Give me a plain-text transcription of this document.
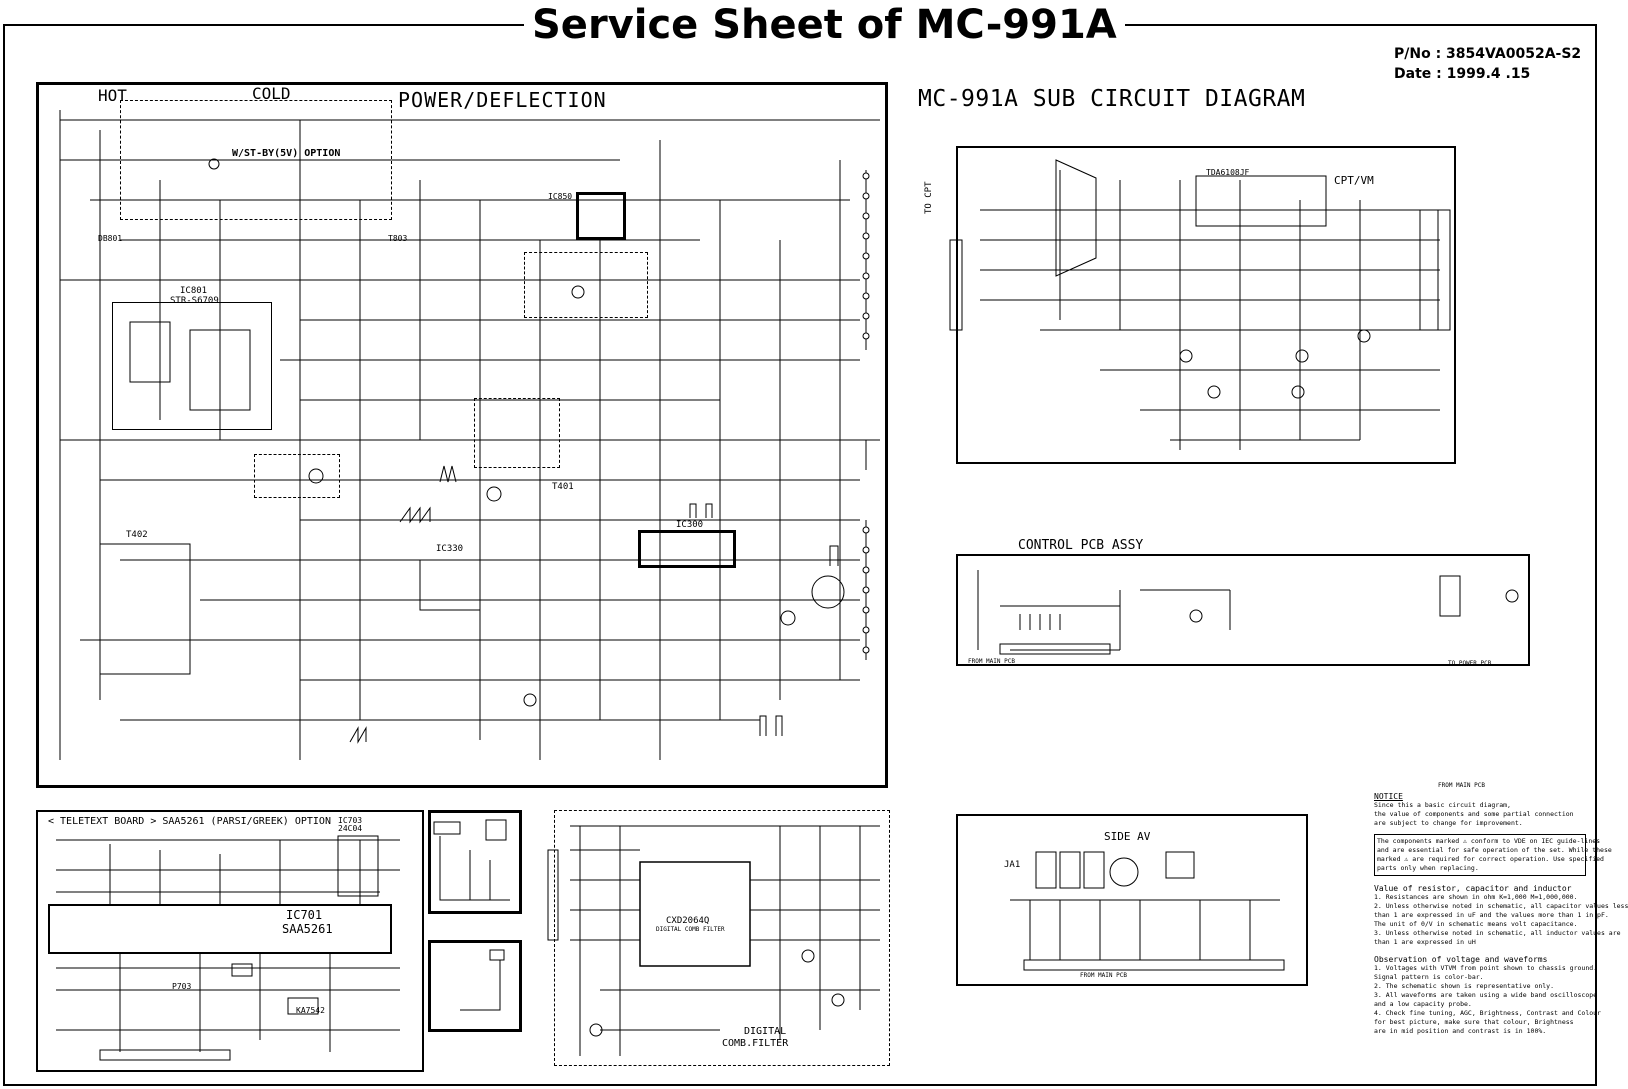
Service Sheet of MC-991A
P/No : 3854VA0052A-S2
Date : 1999.4 .15
HOT	COLD	POWER/DEFLECTION
W/ST-BY(5V) OPTION
IC801
STR-S6709
IC300
IC330
T402
T401
T803
DB801
IC850
MC-991A SUB CIRCUIT DIAGRAM
CPT/VM
TO CPT
TDA6108JF
CONTROL PCB ASSY
FROM MAIN PCB	TO POWER PCB
< TELETEXT BOARD > SAA5261 (PARSI/GREEK) OPTION
IC701
SAA5261
IC703
24C04
KA7542
P703
CXD2064Q
DIGITAL COMB FILTER
DIGITAL
COMB.FILTER
SIDE AV
JA1
FROM MAIN PCB
FROM MAIN PCB
NOTICE
Since this a basic circuit diagram,
the value of components and some partial connection
are subject to change for improvement.
The components marked ⚠ conform to VDE on IEC guide-lines
and are essential for safe operation of the set. While these
marked ⚠ are required for correct operation. Use specified
parts only when replacing.
Value of resistor, capacitor and inductor
1. Resistances are shown in ohm K=1,000 M=1,000,000.
2. Unless otherwise noted in schematic, all capacitor values less
than 1 are expressed in uF and the values more than 1 in pF.
The unit of 0/V in schematic means volt capacitance.
3. Unless otherwise noted in schematic, all inductor values are
than 1 are expressed in uH
Observation of voltage and waveforms
1. Voltages with VTVM from point shown to chassis ground.
Signal pattern is color-bar.
2. The schematic shown is representative only.
3. All waveforms are taken using a wide band oscilloscope
and a low capacity probe.
4. Check fine tuning, AGC, Brightness, Contrast and Colour
for best picture, make sure that colour, Brightness
are in mid position and contrast is in 100%.
